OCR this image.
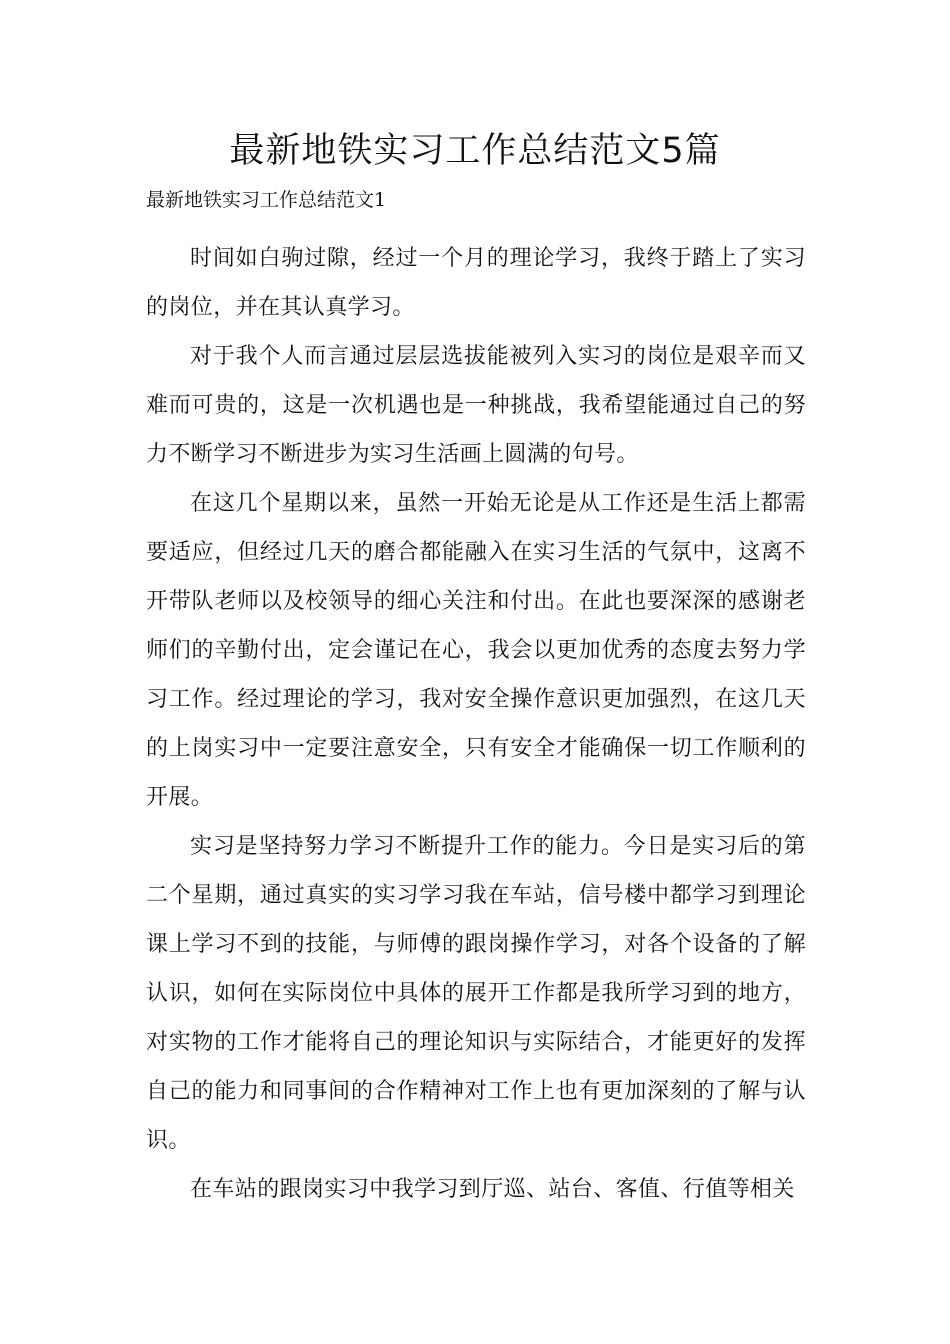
最新地铁实习工作总结范文5篇
最新地铁实习工作总结范文1

时间如白驹过隙，经过一个月的理论学习，我终于踏上了实习的岗位，并在其认真学习。

对于我个人而言通过层层选拔能被列入实习的岗位是艰辛而又难而可贵的，这是一次机遇也是一种挑战，我希望能通过自己的努力不断学习不断进步为实习生活画上圆满的句号。

在这几个星期以来，虽然一开始无论是从工作还是生活上都需要适应，但经过几天的磨合都能融入在实习生活的气氛中，这离不开带队老师以及校领导的细心关注和付出。在此也要深深的感谢老师们的辛勤付出，定会谨记在心，我会以更加优秀的态度去努力学习工作。经过理论的学习，我对安全操作意识更加强烈，在这几天的上岗实习中一定要注意安全，只有安全才能确保一切工作顺利的开展。

实习是坚持努力学习不断提升工作的能力。今日是实习后的第二个星期，通过真实的实习学习我在车站，信号楼中都学习到理论课上学习不到的技能，与师傅的跟岗操作学习，对各个设备的了解认识，如何在实际岗位中具体的展开工作都是我所学习到的地方，对实物的工作才能将自己的理论知识与实际结合，才能更好的发挥自己的能力和同事间的合作精神对工作上也有更加深刻的了解与认识。

在车站的跟岗实习中我学习到厅巡、站台、客值、行值等相关
